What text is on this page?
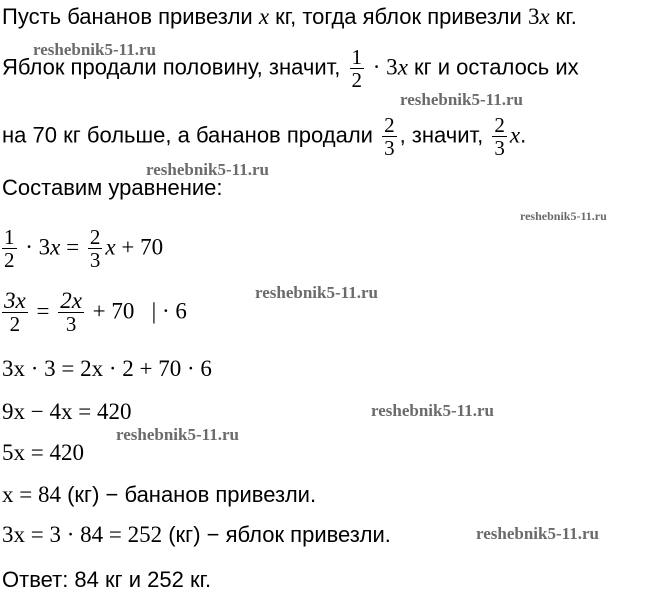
Пусть бананов привезли x кг, тогда яблок привезли 3x кг.
Яблок продали половину, значит, $\frac{1}{2} \cdot 3x$ кг и осталось их
на 70 кг больше, а бананов продали $\frac{2}{3}$ , значит, $\frac{2}{3} x$.
Составим уравнение:
$\frac{1}{2} \cdot 3x = \frac{2}{3}$ x + 70
$\frac{3x}{2} = \frac{2x}{3} + 70$   | · 6
3x · 3 = 2x · 2 + 70 · 6
9x − 4x = 420
5x = 420
x = 84 (кг) − бананов привезли.
3x = 3 · 84 = 252 (кг) − яблок привезли.
Ответ: 84 кг и 252 кг.
reshebnik5-11.ru
reshebnik5-11.ru
reshebnik5-11.ru
reshebnik5-11.ru
reshebnik5-11.ru
reshebnik5-11.ru
reshebnik5-11.ru
reshebnik5-11.ru
